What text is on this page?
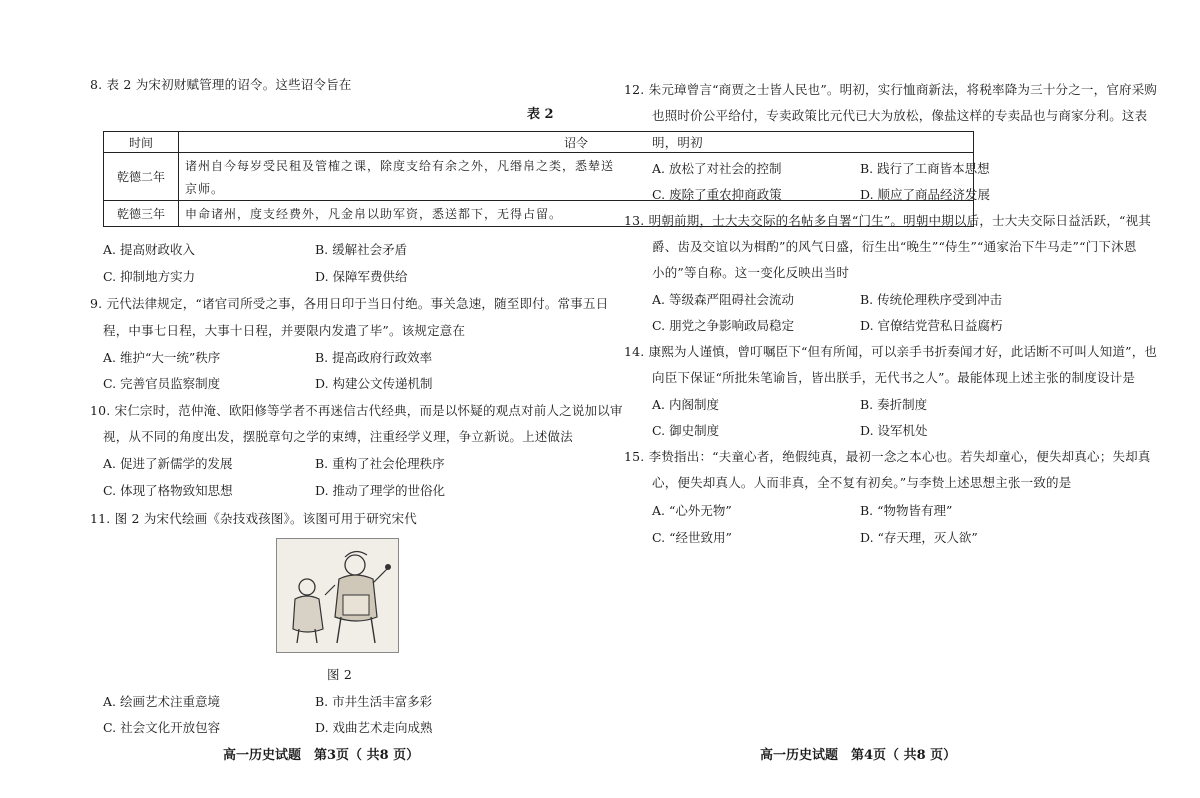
8. 表 2 为宋初财赋管理的诏令。这些诏令旨在
表 2
时间	诏令
乾德二年	诸州自今每岁受民租及管榷之课，除度支给有余之外，凡缗帛之类，悉辇送
京师。

乾德三年	申命诸州，度支经费外，凡金帛以助军资，悉送都下，无得占留。
A. 提高财政收入	B. 缓解社会矛盾
C. 抑制地方实力	D. 保障军费供给
9. 元代法律规定，“诸官司所受之事，各用日印于当日付绝。事关急速，随至即付。常事五日
程，中事七日程，大事十日程，并要限内发遣了毕”。该规定意在
A. 维护“大一统”秩序	B. 提高政府行政效率
C. 完善官员监察制度	D. 构建公文传递机制
10. 宋仁宗时，范仲淹、欧阳修等学者不再迷信古代经典，而是以怀疑的观点对前人之说加以审
视，从不同的角度出发，摆脱章句之学的束缚，注重经学义理，争立新说。上述做法
A. 促进了新儒学的发展	B. 重构了社会伦理秩序
C. 体现了格物致知思想	D. 推动了理学的世俗化
11. 图 2 为宋代绘画《杂技戏孩图》。该图可用于研究宋代
图 2
A. 绘画艺术注重意境	B. 市井生活丰富多彩
C. 社会文化开放包容	D. 戏曲艺术走向成熟
高一历史试题　第3页（ 共8 页）
12. 朱元璋曾言“商贾之士皆人民也”。明初，实行恤商新法，将税率降为三十分之一，官府采购
也照时价公平给付，专卖政策比元代已大为放松，像盐这样的专卖品也与商家分利。这表
明，明初
A. 放松了对社会的控制	B. 践行了工商皆本思想
C. 废除了重农抑商政策	D. 顺应了商品经济发展
13. 明朝前期，士大夫交际的名帖多自署“门生”。明朝中期以后，士大夫交际日益活跃，“视其
爵、齿及交谊以为楫酌”的风气日盛，衍生出“晚生”“侍生”“通家治下牛马走”“门下沐恩
小的”等自称。这一变化反映出当时
A. 等级森严阻碍社会流动	B. 传统伦理秩序受到冲击
C. 朋党之争影响政局稳定	D. 官僚结党营私日益腐朽
14. 康熙为人谨慎，曾叮嘱臣下“但有所闻，可以亲手书折奏闻才好，此话断不可叫人知道”，也
向臣下保证“所批朱笔谕旨，皆出朕手，无代书之人”。最能体现上述主张的制度设计是
A. 内阁制度	B. 奏折制度
C. 御史制度	D. 设军机处
15. 李贽指出：“夫童心者，绝假纯真，最初一念之本心也。若失却童心，便失却真心；失却真
心，便失却真人。人而非真，全不复有初矣。”与李贽上述思想主张一致的是
A. “心外无物”	B. “物物皆有理”
C. “经世致用”	D. “存天理，灭人欲”
高一历史试题　第4页（ 共8 页）
